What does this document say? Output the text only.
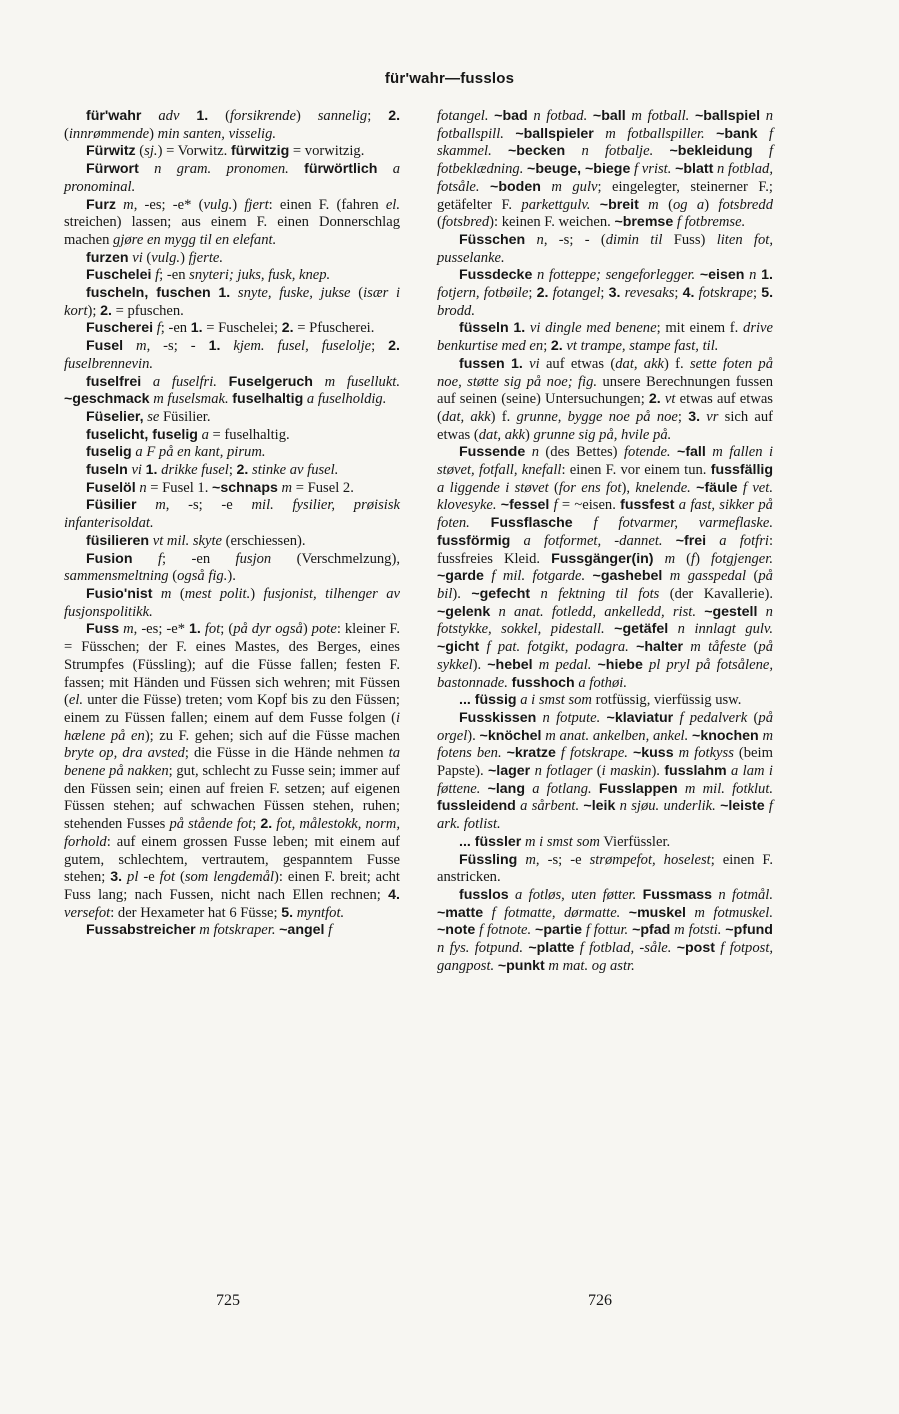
für'wahr—fusslos

für'wahr adv 1. (forsikrende) sannelig; 2. (innrømmende) min santen, visselig.

Fürwitz (sj.) = Vorwitz. fürwitzig = vorwitzig.

Fürwort n gram. pronomen. fürwörtlich a pronominal.

Furz m, -es; -e* (vulg.) fjert: einen F. (fahren el. streichen) lassen; aus einem F. einen Donnerschlag machen gjøre en mygg til en elefant.

furzen vi (vulg.) fjerte.

Fuschelei f; -en snyteri; juks, fusk, knep.

fuscheln, fuschen 1. snyte, fuske, jukse (især i kort); 2. = pfuschen.

Fuscherei f; -en 1. = Fuschelei; 2. = Pfuscherei.

Fusel m, -s; - 1. kjem. fusel, fuselolje; 2. fuselbrennevin.

fuselfrei a fuselfri. Fuselgeruch m fusellukt. ~geschmack m fuselsmak. fuselhaltig a fuselholdig.

Füselier, se Füsilier.

fuselicht, fuselig a = fuselhaltig.

fuselig a F på en kant, pirum.

fuseln vi 1. drikke fusel; 2. stinke av fusel.

Fuselöl n = Fusel 1. ~schnaps m = Fusel 2.

Füsilier m, -s; -e mil. fysilier, prøisisk infanterisoldat.

füsilieren vt mil. skyte (erschiessen).

Fusion f; -en fusjon (Verschmelzung), sammensmeltning (også fig.).

Fusio'nist m (mest polit.) fusjonist, tilhenger av fusjonspolitikk.

Fuss m, -es; -e* 1. fot; (på dyr også) pote: kleiner F. = Füsschen; der F. eines Mastes, des Berges, eines Strumpfes (Füssling); auf die Füsse fallen; festen F. fassen; mit Händen und Füssen sich wehren; mit Füssen (el. unter die Füsse) treten; vom Kopf bis zu den Füssen; einem zu Füssen fallen; einem auf dem Fusse folgen (i hælene på en); zu F. gehen; sich auf die Füsse machen bryte op, dra avsted; die Füsse in die Hände nehmen ta benene på nakken; gut, schlecht zu Fusse sein; immer auf den Füssen sein; einen auf freien F. setzen; auf eigenen Füssen stehen; auf schwachen Füssen stehen, ruhen; stehenden Fusses på stående fot; 2. fot, målestokk, norm, forhold: auf einem grossen Fusse leben; mit einem auf gutem, schlechtem, vertrautem, gespanntem Fusse stehen; 3. pl -e fot (som lengdemål): einen F. breit; acht Fuss lang; nach Fussen, nicht nach Ellen rechnen; 4. versefot: der Hexameter hat 6 Füsse; 5. myntfot.

Fussabstreicher m fotskraper. ~angel f

fotangel. ~bad n fotbad. ~ball m fotball. ~ballspiel n fotballspill. ~ballspieler m fotballspiller. ~bank f skammel. ~becken n fotbalje. ~bekleidung f fotbeklædning. ~beuge, ~biege f vrist. ~blatt n fotblad, fotsåle. ~boden m gulv; eingelegter, steinerner F.; getäfelter F. parkettgulv. ~breit m (og a) fotsbredd (fotsbred): keinen F. weichen. ~bremse f fotbremse.

Füsschen n, -s; - (dimin til Fuss) liten fot, pusselanke.

Fussdecke n fotteppe; sengeforlegger. ~eisen n 1. fotjern, fotbøile; 2. fotangel; 3. revesaks; 4. fotskrape; 5. brodd.

füsseln 1. vi dingle med benene; mit einem f. drive benkurtise med en; 2. vt trampe, stampe fast, til.

fussen 1. vi auf etwas (dat, akk) f. sette foten på noe, støtte sig på noe; fig. unsere Berechnungen fussen auf seinen (seine) Untersuchungen; 2. vt etwas auf etwas (dat, akk) f. grunne, bygge noe på noe; 3. vr sich auf etwas (dat, akk) grunne sig på, hvile på.

Fussende n (des Bettes) fotende. ~fall m fallen i støvet, fotfall, knefall: einen F. vor einem tun. fussfällig a liggende i støvet (for ens fot), knelende. ~fäule f vet. klovesyke. ~fessel f = ~eisen. fussfest a fast, sikker på foten. Fussflasche f fotvarmer, varmeflaske. fussförmig a fotformet, -dannet. ~frei a fotfri: fussfreies Kleid. Fussgänger(in) m (f) fotgjenger. ~garde f mil. fotgarde. ~gashebel m gasspedal (på bil). ~gefecht n fektning til fots (der Kavallerie). ~gelenk n anat. fotledd, ankelledd, rist. ~gestell n fotstykke, sokkel, pidestall. ~getäfel n innlagt gulv. ~gicht f pat. fotgikt, podagra. ~halter m tåfeste (på sykkel). ~hebel m pedal. ~hiebe pl pryl på fotsålene, bastonnade. fusshoch a fothøi.

... füssig a i smst som rotfüssig, vierfüssig usw.

Fusskissen n fotpute. ~klaviatur f pedalverk (på orgel). ~knöchel m anat. ankelben, ankel. ~knochen m fotens ben. ~kratze f fotskrape. ~kuss m fotkyss (beim Papste). ~lager n fotlager (i maskin). fusslahm a lam i føttene. ~lang a fotlang. Fusslappen m mil. fotklut. fussleidend a sårbent. ~leik n sjøu. underlik. ~leiste f ark. fotlist.

... füssler m i smst som Vierfüssler.

Füssling m, -s; -e strømpefot, hoselest; einen F. anstricken.

fusslos a fotløs, uten føtter. Fussmass n fotmål. ~matte f fotmatte, dørmatte. ~muskel m fotmuskel. ~note f fotnote. ~partie f fottur. ~pfad m fotsti. ~pfund n fys. fotpund. ~platte f fotblad, -såle. ~post f fotpost, gangpost. ~punkt m mat. og astr.

725	726
